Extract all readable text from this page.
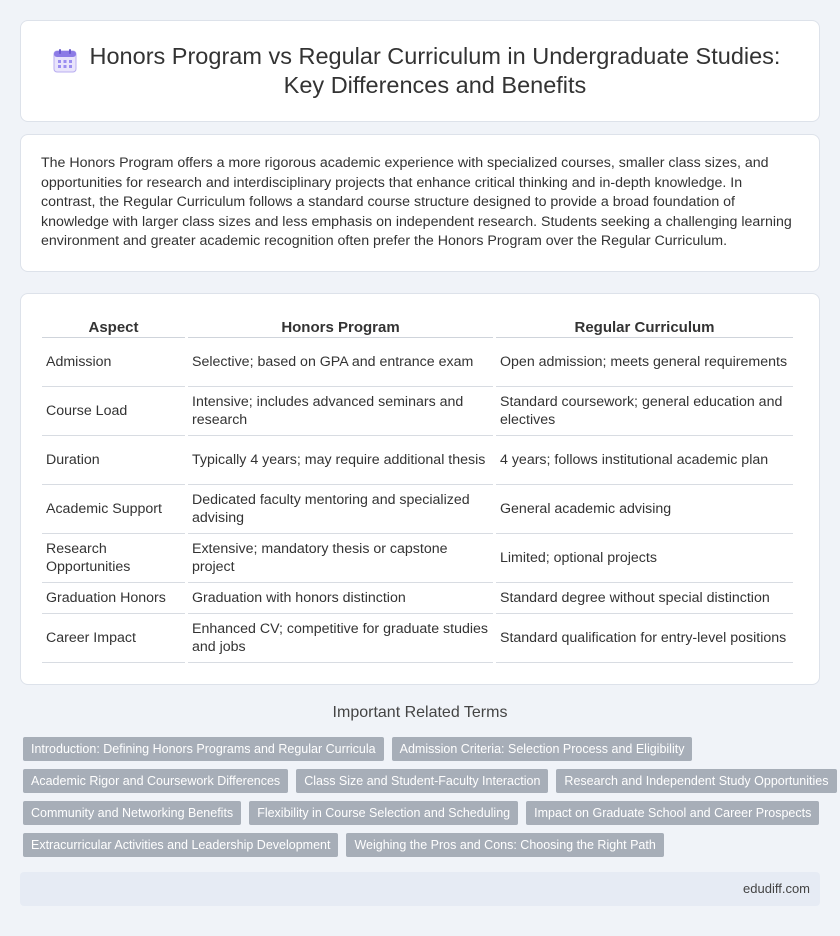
Honors Program vs Regular Curriculum in Undergraduate Studies: Key Differences and Benefits

The Honors Program offers a more rigorous academic experience with specialized courses, smaller class sizes, and opportunities for research and interdisciplinary projects that enhance critical thinking and in-depth knowledge. In contrast, the Regular Curriculum follows a standard course structure designed to provide a broad foundation of knowledge with larger class sizes and less emphasis on independent research. Students seeking a challenging learning environment and greater academic recognition often prefer the Honors Program over the Regular Curriculum.

Aspect	Honors Program	Regular Curriculum
Admission	Selective; based on GPA and entrance exam	Open admission; meets general requirements
Course Load	Intensive; includes advanced seminars and research	Standard coursework; general education and electives
Duration	Typically 4 years; may require additional thesis	4 years; follows institutional academic plan
Academic Support	Dedicated faculty mentoring and specialized advising	General academic advising
Research Opportunities	Extensive; mandatory thesis or capstone project	Limited; optional projects
Graduation Honors	Graduation with honors distinction	Standard degree without special distinction
Career Impact	Enhanced CV; competitive for graduate studies and jobs	Standard qualification for entry-level positions
Important Related Terms
Introduction: Defining Honors Programs and Regular Curricula	Admission Criteria: Selection Process and Eligibility
Academic Rigor and Coursework Differences	Class Size and Student-Faculty Interaction	Research and Independent Study Opportunities
Community and Networking Benefits	Flexibility in Course Selection and Scheduling	Impact on Graduate School and Career Prospects
Extracurricular Activities and Leadership Development	Weighing the Pros and Cons: Choosing the Right Path
edudiff.com
